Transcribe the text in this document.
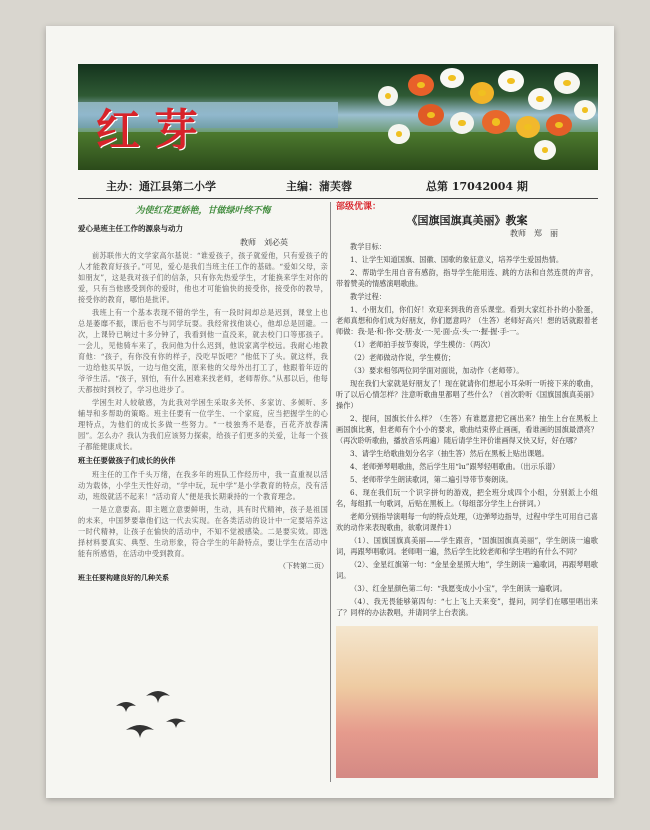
红芽
主办：通江县第二小学	主编：蒲芙蓉	总第 17042004 期
为使红花更娇艳，甘做绿叶终不悔
爱心是班主任工作的源泉与动力
教师　刘必英

前苏联伟大的文学家高尔基说：“谁爱孩子，孩子就爱他，只有爱孩子的人才能教育好孩子。”可见，爱心是我们当班主任工作的基础。“爱如父母，亲如朋友”，这是我对孩子们的信条，只有你先热爱学生，才能换来学生对你的爱，只有当他感受到你的爱时，他也才可能愉快的接受你，接受你的教导，接受你的教育，哪怕是批评。

我班上有一个基本表现不错的学生，有一段时间却总是迟到，课堂上也总是萎靡不振，课后也不与同学玩耍。我经常找他谈心，他却总是回避。一次，上课铃已响过十多分钟了，我看到他一直没来，就去校门口等那孩子。一会儿，见他骑车来了，我问他为什么迟到，他说家离学校远。我耐心地教育他：“孩子，有你没有你的样子，没吃早饭吧？”他低下了头。就这样，我一边给他买早饭，一边与他交流，原来他的父母外出打工了，他跟着年迈的爷爷生活。“孩子，别怕，有什么困难来找老师，老师帮你。”从那以后，他每天都按时到校了，学习也进步了。

学困生对人较敏感，为此我对学困生采取多关怀、多家访、多倾听、多辅导和多帮助的策略。班主任要有一位学生、一个家庭，应当把握学生的心理特点，为他们的成长多做一些努力。“一枝独秀不是春，百花齐放春满园”。怎么办？我认为我们应该努力探索，给孩子们更多的关爱，让每一个孩子都能健康成长。

班主任要做孩子们成长的伙伴

班主任的工作千头万绪，在我多年的班队工作经历中，我一直重视以活动为载体，小学生天性好动，“学中玩，玩中学”是小学教育的特点，没有活动，班级就活不起来！“活动育人”便是我长期秉持的一个教育理念。

一是立意要高。即主题立意要鲜明，生动，具有时代精神，孩子是祖国的未来，中国梦要靠他们这一代去实现。在各类活动的设计中一定要培养这一时代精神，让孩子在愉快的活动中，不知不觉被感染。二是要实效。即选择材料要真实、典型、生动形象，符合学生的年龄特点，要让学生在活动中能有所感悟，在活动中受到教育。

（下转第二页）
班主任要构建良好的几种关系
部级优课：
《国旗国旗真美丽》教案
教师　郑　丽

教学目标：

1、让学生知道国旗、国徽、国歌的象征意义，培养学生爱国热情。

2、帮助学生用自音有感韵，指导学生能用连、跳的方法和自然连贯的声音，带着赞美的情感演唱歌曲。

教学过程：

1、小朋友们，你们好！欢迎来到我的音乐课堂。看到大家红扑扑的小脸蛋，老师真想和你们成为好朋友，你们愿意吗？（生答）老师好高兴！想的话就跟着老师做：我·是·和·你·交·朋·友·一·见·面·点·头·一·握·握·手·一。

（1）老师拍手按节奏说，学生模仿：（两次）

（2）老师做动作说，学生模仿；

（3）要求相邻两位同学面对面说，加动作（老师带）。

现在我们大家就是好朋友了！现在就请你们想起小耳朵听一听接下来的歌曲，听了以后心情怎样？注意听歌曲里都唱了些什么？（首次聆听《国旗国旗真美丽》操作）

2、提问，国旗长什么样？（生答）有谁愿意把它画出来？抽生上台在黑板上画国旗比赛，但老师有个小小的要求，歌曲结束停止画画，看谁画的国旗最漂亮？（再次聆听歌曲，播放音乐两遍）随后请学生评价谁画得又快又好，好在哪？

3、请学生给歌曲划分名字（抽生答）然后在黑板上贴出课题。

4、老师弹琴唱歌曲，然后学生用“lu”跟琴轻唱歌曲。（出示乐谱）

5、老师带学生朗读歌词，第二遍引导带节奏朗读。

6、现在我们玩一个识字拼句的游戏，把全班分成四个小组，分别派上小组名，每组抓一句歌词，后贴在黑板上。（每组部分学生上台拼词。）

老师分别指导演唱每一句的特点处理，（边弹琴边指导，过程中学生可用自己喜欢的动作来表现歌曲，欲歌词课件1）

（1）、国旗国旗真美丽——学生跟音，“国旗国旗真美丽”，学生朗读一遍歌词，再跟琴唱歌词。老师唱一遍，然后学生比较老师和学生唱的有什么不同？

（2）、金星红旗第一句：“金星金星照大地”，学生朗读一遍歌词，再跟琴唱歌词。

（3）、红金星颜色第二句：“我愿变成小小宝”，学生朗读一遍歌词。

（4）、我无畏能够第四句：“七上飞上天来变”，提问，同学们在哪里唱出来了？同样的办法教唱，并请同学上台表演。
